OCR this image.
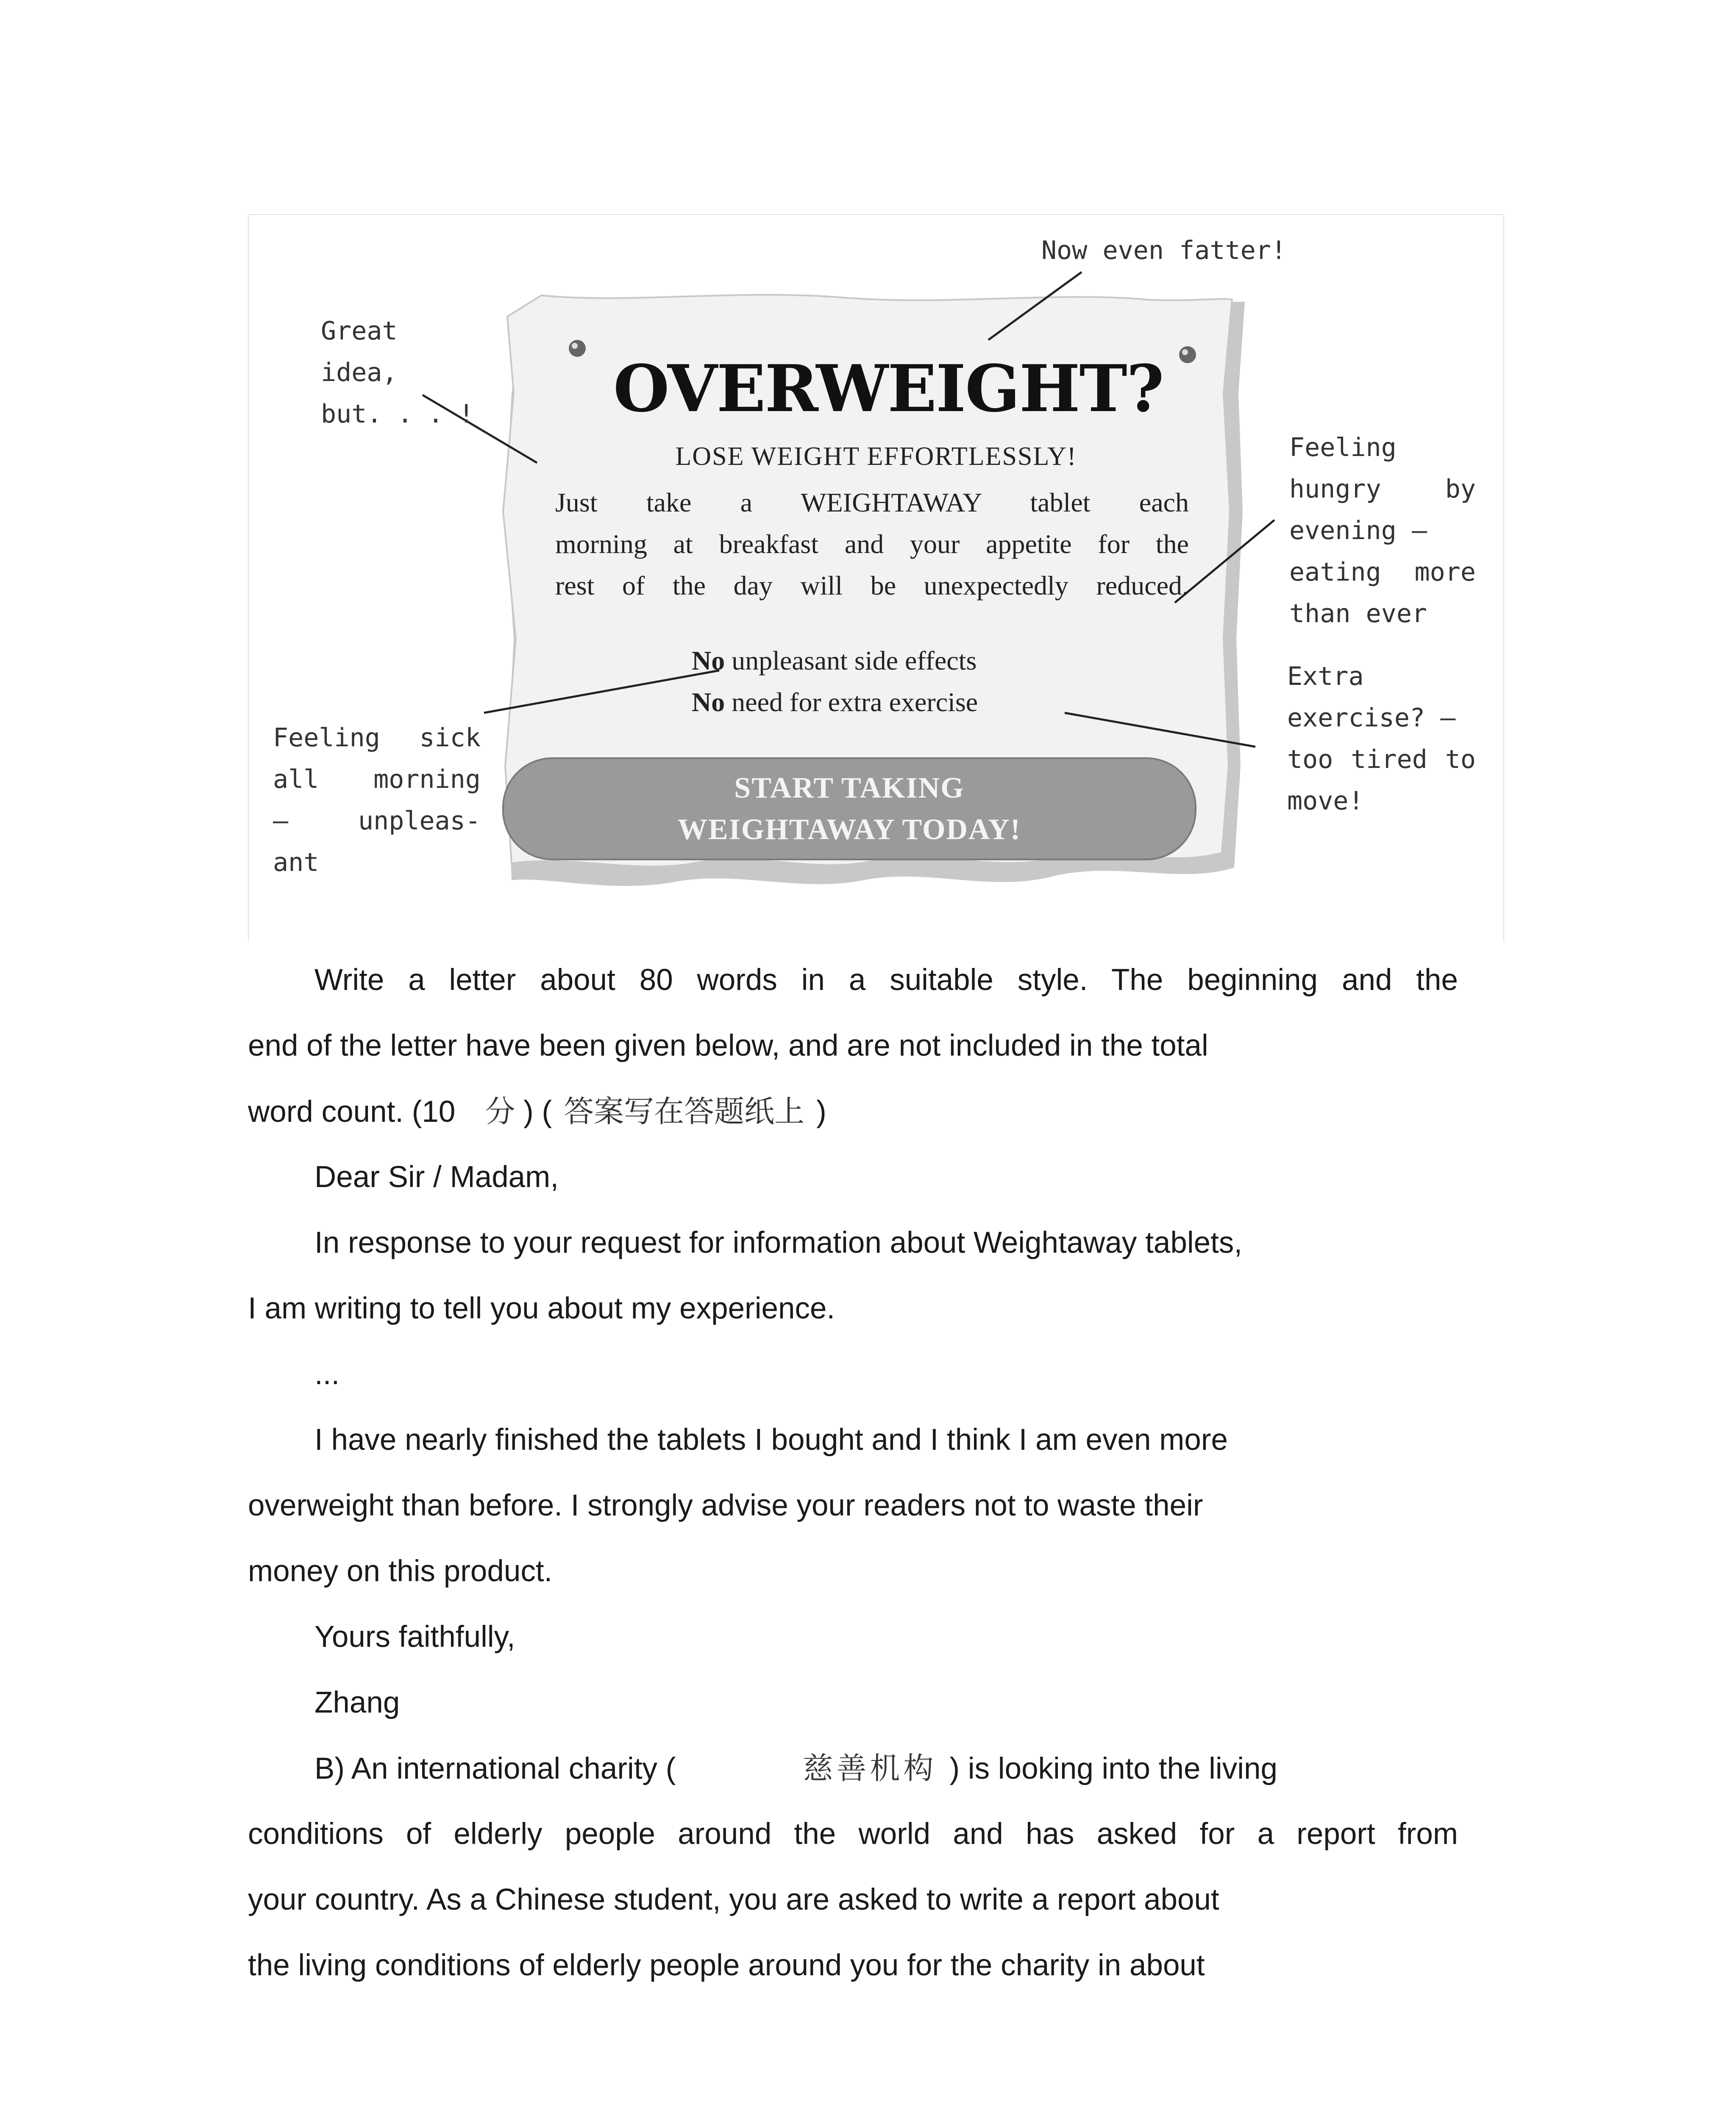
Now even fatter!
Great
idea,
but. . . !
Feeling
hungry by
evening —
eating more
than ever
Extra
exercise? —
too tired to
move!
Feeling sick
all morning
— unpleas-
ant
OVERWEIGHT?
LOSE WEIGHT EFFORTLESSLY!
Just take a WEIGHTAWAY tablet each
morning at breakfast and your appetite for the
rest of the day will be unexpectedly reduced.
No unpleasant side effects
No need for extra exercise
START TAKING
WEIGHTAWAY TODAY!
Write a letter about 80 words in a suitable style. The beginning and the
end of the letter have been given below, and are not included in the total
word count. (10 分 ) ( 答案写在答题纸上 )
Dear Sir / Madam,
In response to your request for information about Weightaway tablets,
I am writing to tell you about my experience.
...
I have nearly finished the tablets I bought and I think I am even more
overweight than before. I strongly advise your readers not to waste their
money on this product.
Yours faithfully,
Zhang
B) An international charity (	慈善机构 ) is looking into the living
conditions of elderly people around the world and has asked for a report from
your country. As a Chinese student, you are asked to write a report about
the living conditions of elderly people around you for the charity in about
